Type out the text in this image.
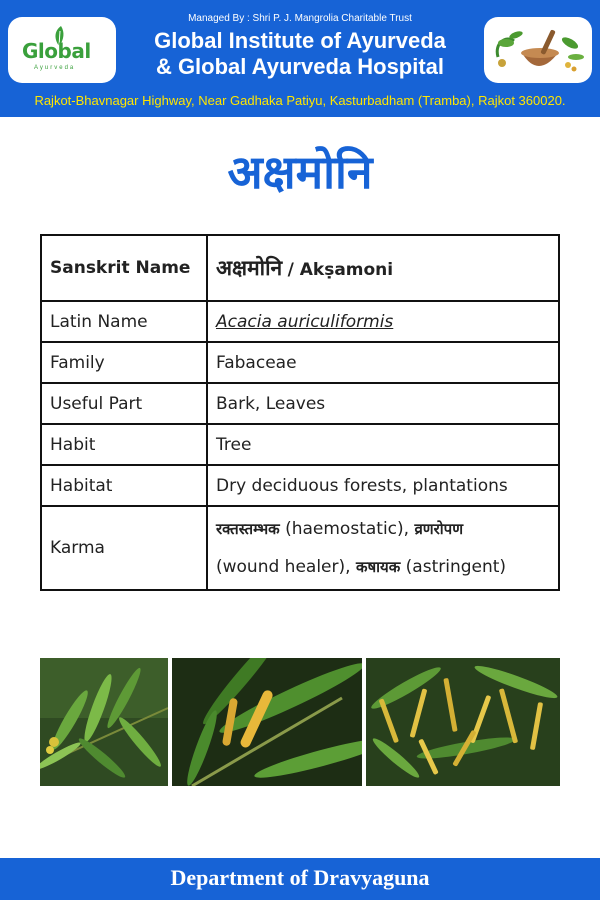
Global
Ayurveda
Managed By : Shri P. J. Mangrolia Charitable Trust
Global Institute of Ayurveda
& Global Ayurveda Hospital
Rajkot-Bhavnagar Highway, Near Gadhaka Patiyu, Kasturbadham (Tramba), Rajkot 360020.
अक्षमोनि
Sanskrit Name	अक्षमोनि / Akṣamoni
Latin Name	Acacia auriculiformis
Family	Fabaceae
Useful Part	Bark, Leaves
Habit	Tree
Habitat	Dry deciduous forests, plantations
Karma	रक्तस्तम्भक (haemostatic), व्रणरोपण
(wound healer), कषायक (astringent)
Department of Dravyaguna
